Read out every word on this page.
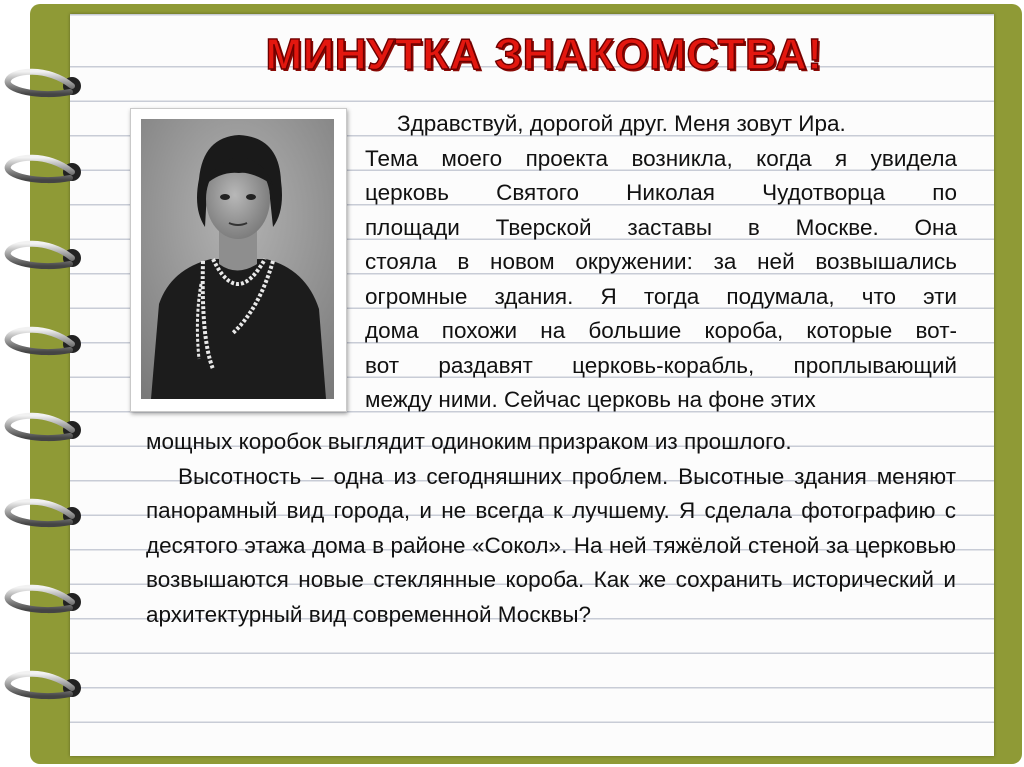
МИНУТКА ЗНАКОМСТВА!

Здравствуй, дорогой друг. Меня зовут Ира.

Тема моего проекта возникла, когда я увидела

церковь Святого Николая Чудотворца по

площади Тверской заставы в Москве. Она

стояла в новом окружении: за ней возвышались

огромные здания. Я тогда подумала, что эти

дома похожи на большие короба, которые вот-

вот раздавят церковь-корабль, проплывающий

между ними. Сейчас церковь на фоне этих

мощных коробок выглядит одиноким призраком из прошлого.

Высотность – одна из сегодняшних проблем. Высотные здания меняют панорамный вид города, и не всегда к лучшему. Я сделала фотографию с десятого этажа дома в районе «Сокол». На ней тяжёлой стеной за церковью возвышаются новые стеклянные короба. Как же сохранить исторический и архитектурный вид современной Москвы?
